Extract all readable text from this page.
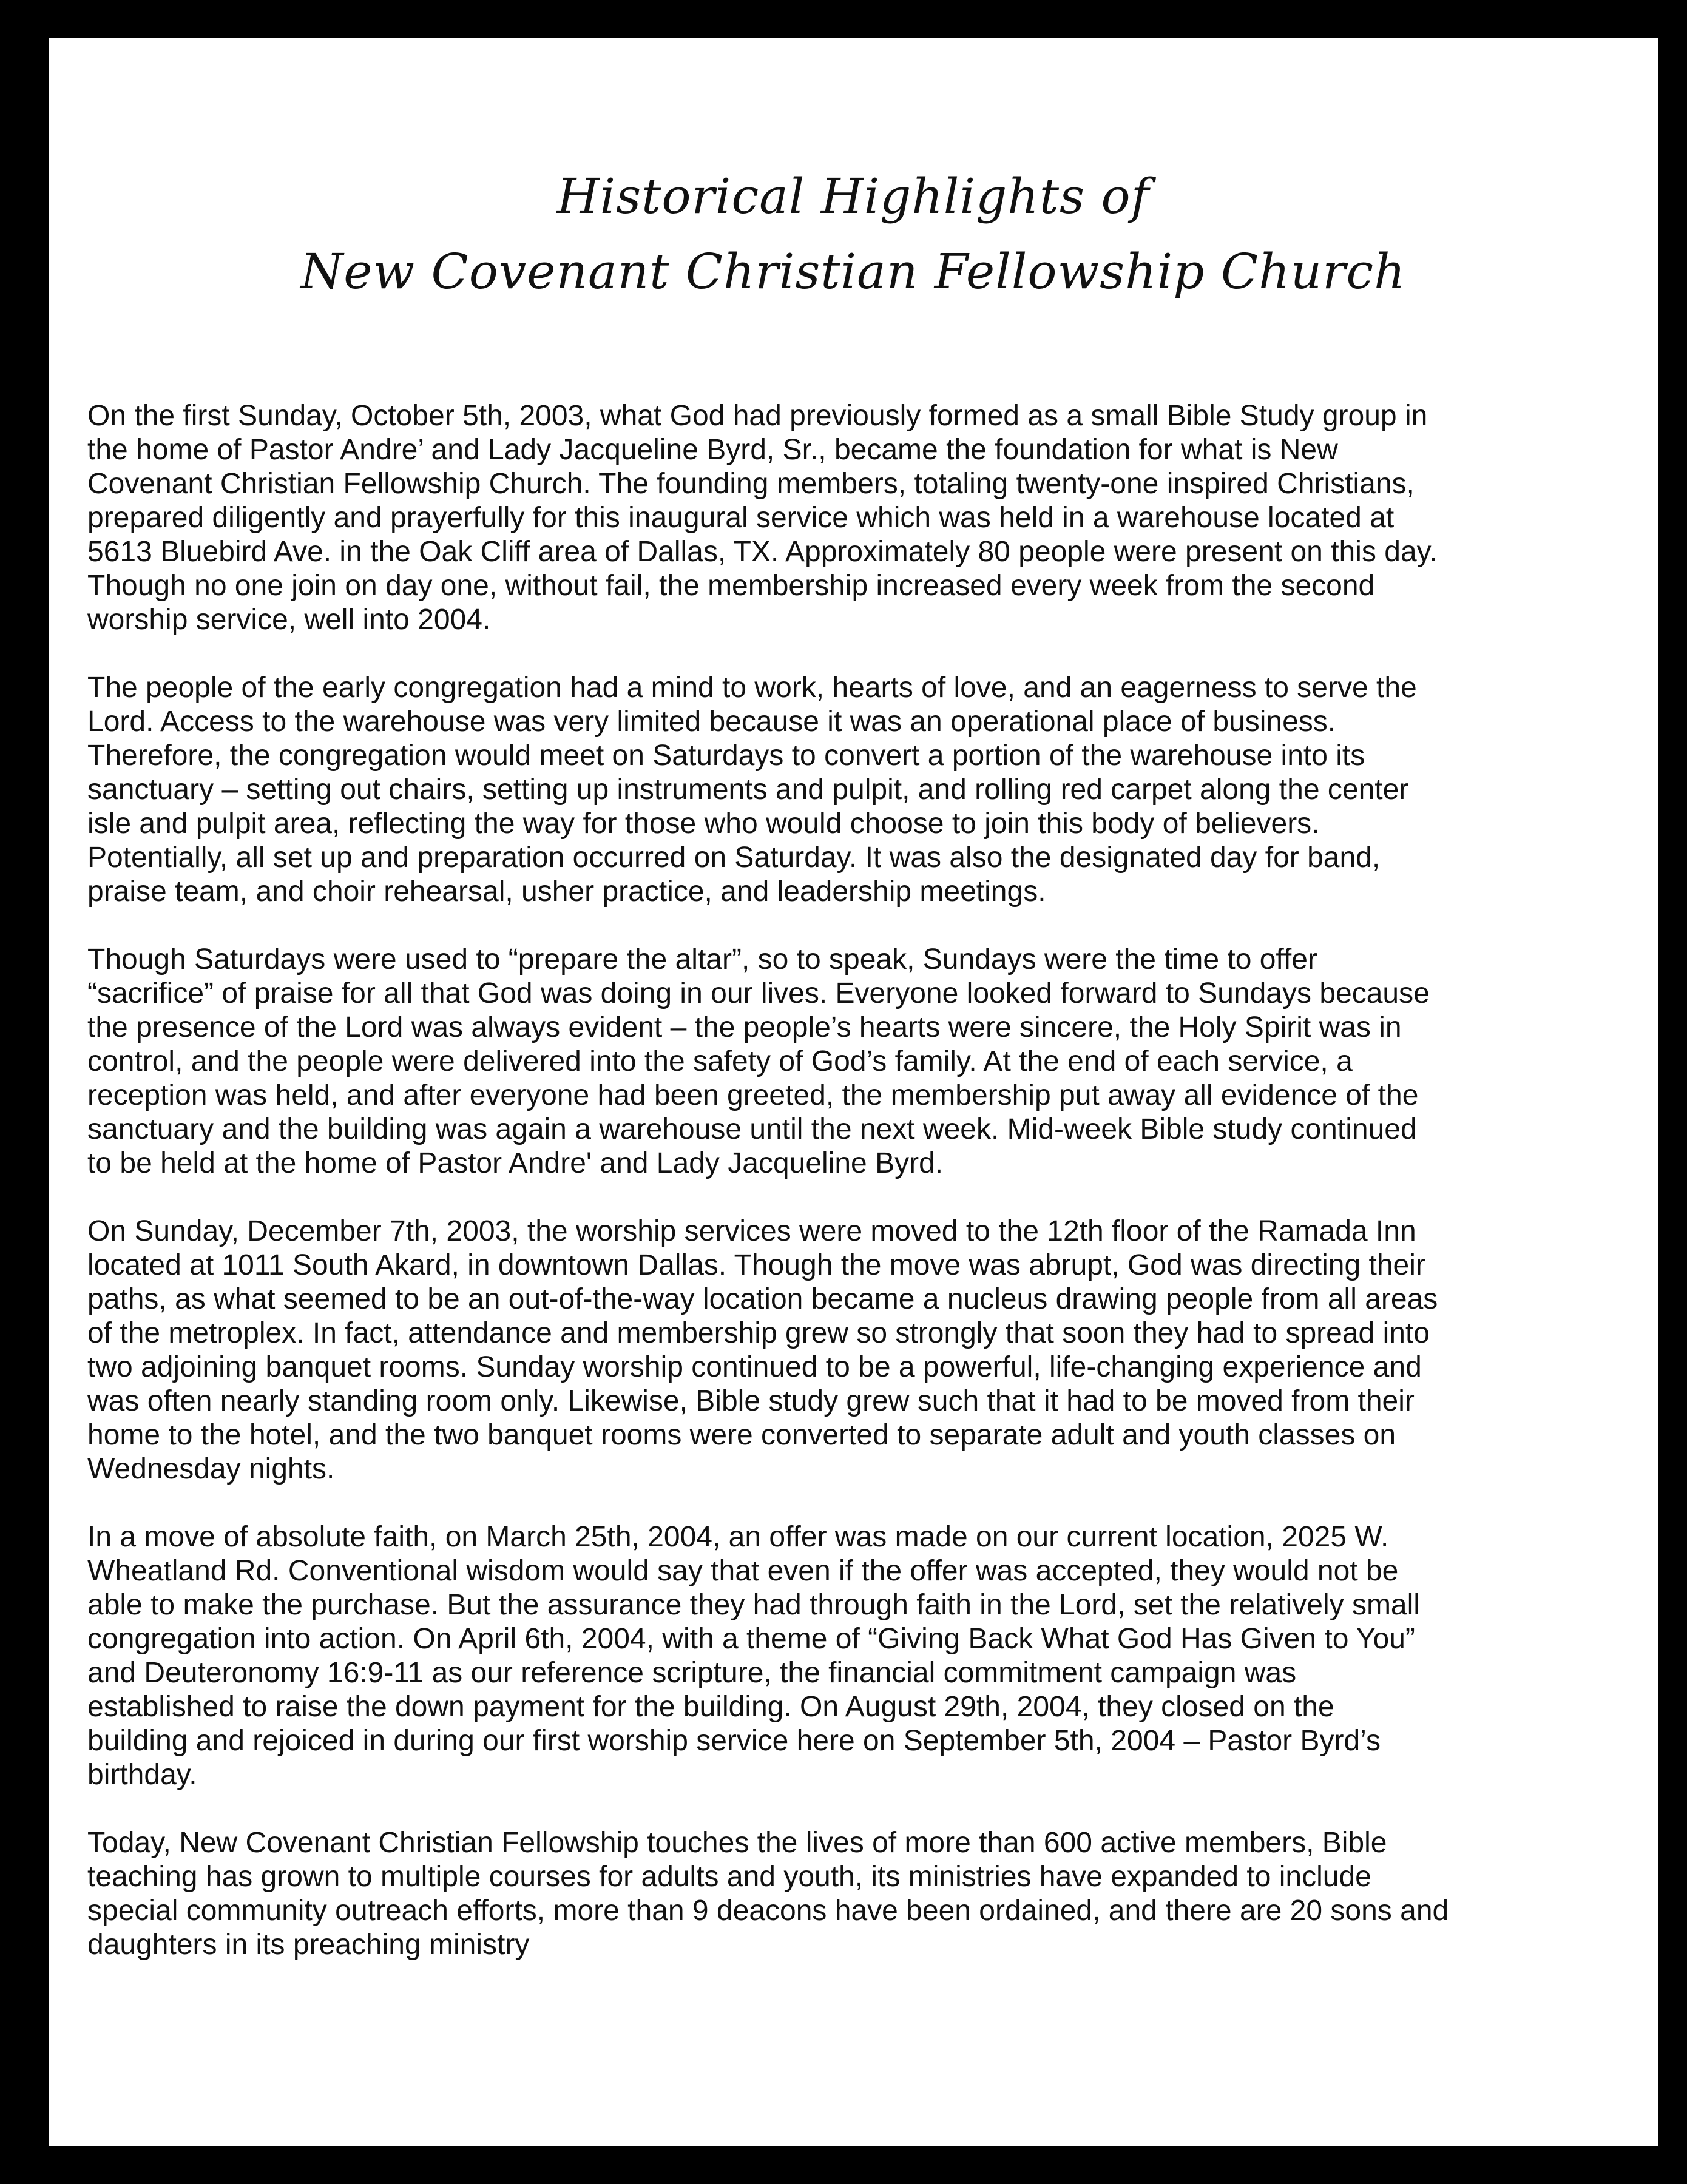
Historical Highlights of
New Covenant Christian Fellowship Church

On the first Sunday, October 5th, 2003, what God had previously formed as a small Bible Study group in
the home of Pastor Andre’ and Lady Jacqueline Byrd, Sr., became the foundation for what is New
Covenant Christian Fellowship Church. The founding members, totaling twenty-one inspired Christians,
prepared diligently and prayerfully for this inaugural service which was held in a warehouse located at
5613 Bluebird Ave. in the Oak Cliff area of Dallas, TX. Approximately 80 people were present on this day.
Though no one join on day one, without fail, the membership increased every week from the second
worship service, well into 2004.

The people of the early congregation had a mind to work, hearts of love, and an eagerness to serve the
Lord. Access to the warehouse was very limited because it was an operational place of business.
Therefore, the congregation would meet on Saturdays to convert a portion of the warehouse into its
sanctuary – setting out chairs, setting up instruments and pulpit, and rolling red carpet along the center
isle and pulpit area, reflecting the way for those who would choose to join this body of believers.
Potentially, all set up and preparation occurred on Saturday. It was also the designated day for band,
praise team, and choir rehearsal, usher practice, and leadership meetings.

Though Saturdays were used to “prepare the altar”, so to speak, Sundays were the time to offer
“sacrifice” of praise for all that God was doing in our lives. Everyone looked forward to Sundays because
the presence of the Lord was always evident – the people’s hearts were sincere, the Holy Spirit was in
control, and the people were delivered into the safety of God’s family. At the end of each service, a
reception was held, and after everyone had been greeted, the membership put away all evidence of the
sanctuary and the building was again a warehouse until the next week. Mid-week Bible study continued
to be held at the home of Pastor Andre' and Lady Jacqueline Byrd.

On Sunday, December 7th, 2003, the worship services were moved to the 12th floor of the Ramada Inn
located at 1011 South Akard, in downtown Dallas. Though the move was abrupt, God was directing their
paths, as what seemed to be an out-of-the-way location became a nucleus drawing people from all areas
of the metroplex. In fact, attendance and membership grew so strongly that soon they had to spread into
two adjoining banquet rooms. Sunday worship continued to be a powerful, life-changing experience and
was often nearly standing room only. Likewise, Bible study grew such that it had to be moved from their
home to the hotel, and the two banquet rooms were converted to separate adult and youth classes on
Wednesday nights.

In a move of absolute faith, on March 25th, 2004, an offer was made on our current location, 2025 W.
Wheatland Rd. Conventional wisdom would say that even if the offer was accepted, they would not be
able to make the purchase. But the assurance they had through faith in the Lord, set the relatively small
congregation into action. On April 6th, 2004, with a theme of “Giving Back What God Has Given to You”
and Deuteronomy 16:9-11 as our reference scripture, the financial commitment campaign was
established to raise the down payment for the building. On August 29th, 2004, they closed on the
building and rejoiced in during our first worship service here on September 5th, 2004 – Pastor Byrd’s
birthday.

Today, New Covenant Christian Fellowship touches the lives of more than 600 active members, Bible
teaching has grown to multiple courses for adults and youth, its ministries have expanded to include
special community outreach efforts, more than 9 deacons have been ordained, and there are 20 sons and
daughters in its preaching ministry
